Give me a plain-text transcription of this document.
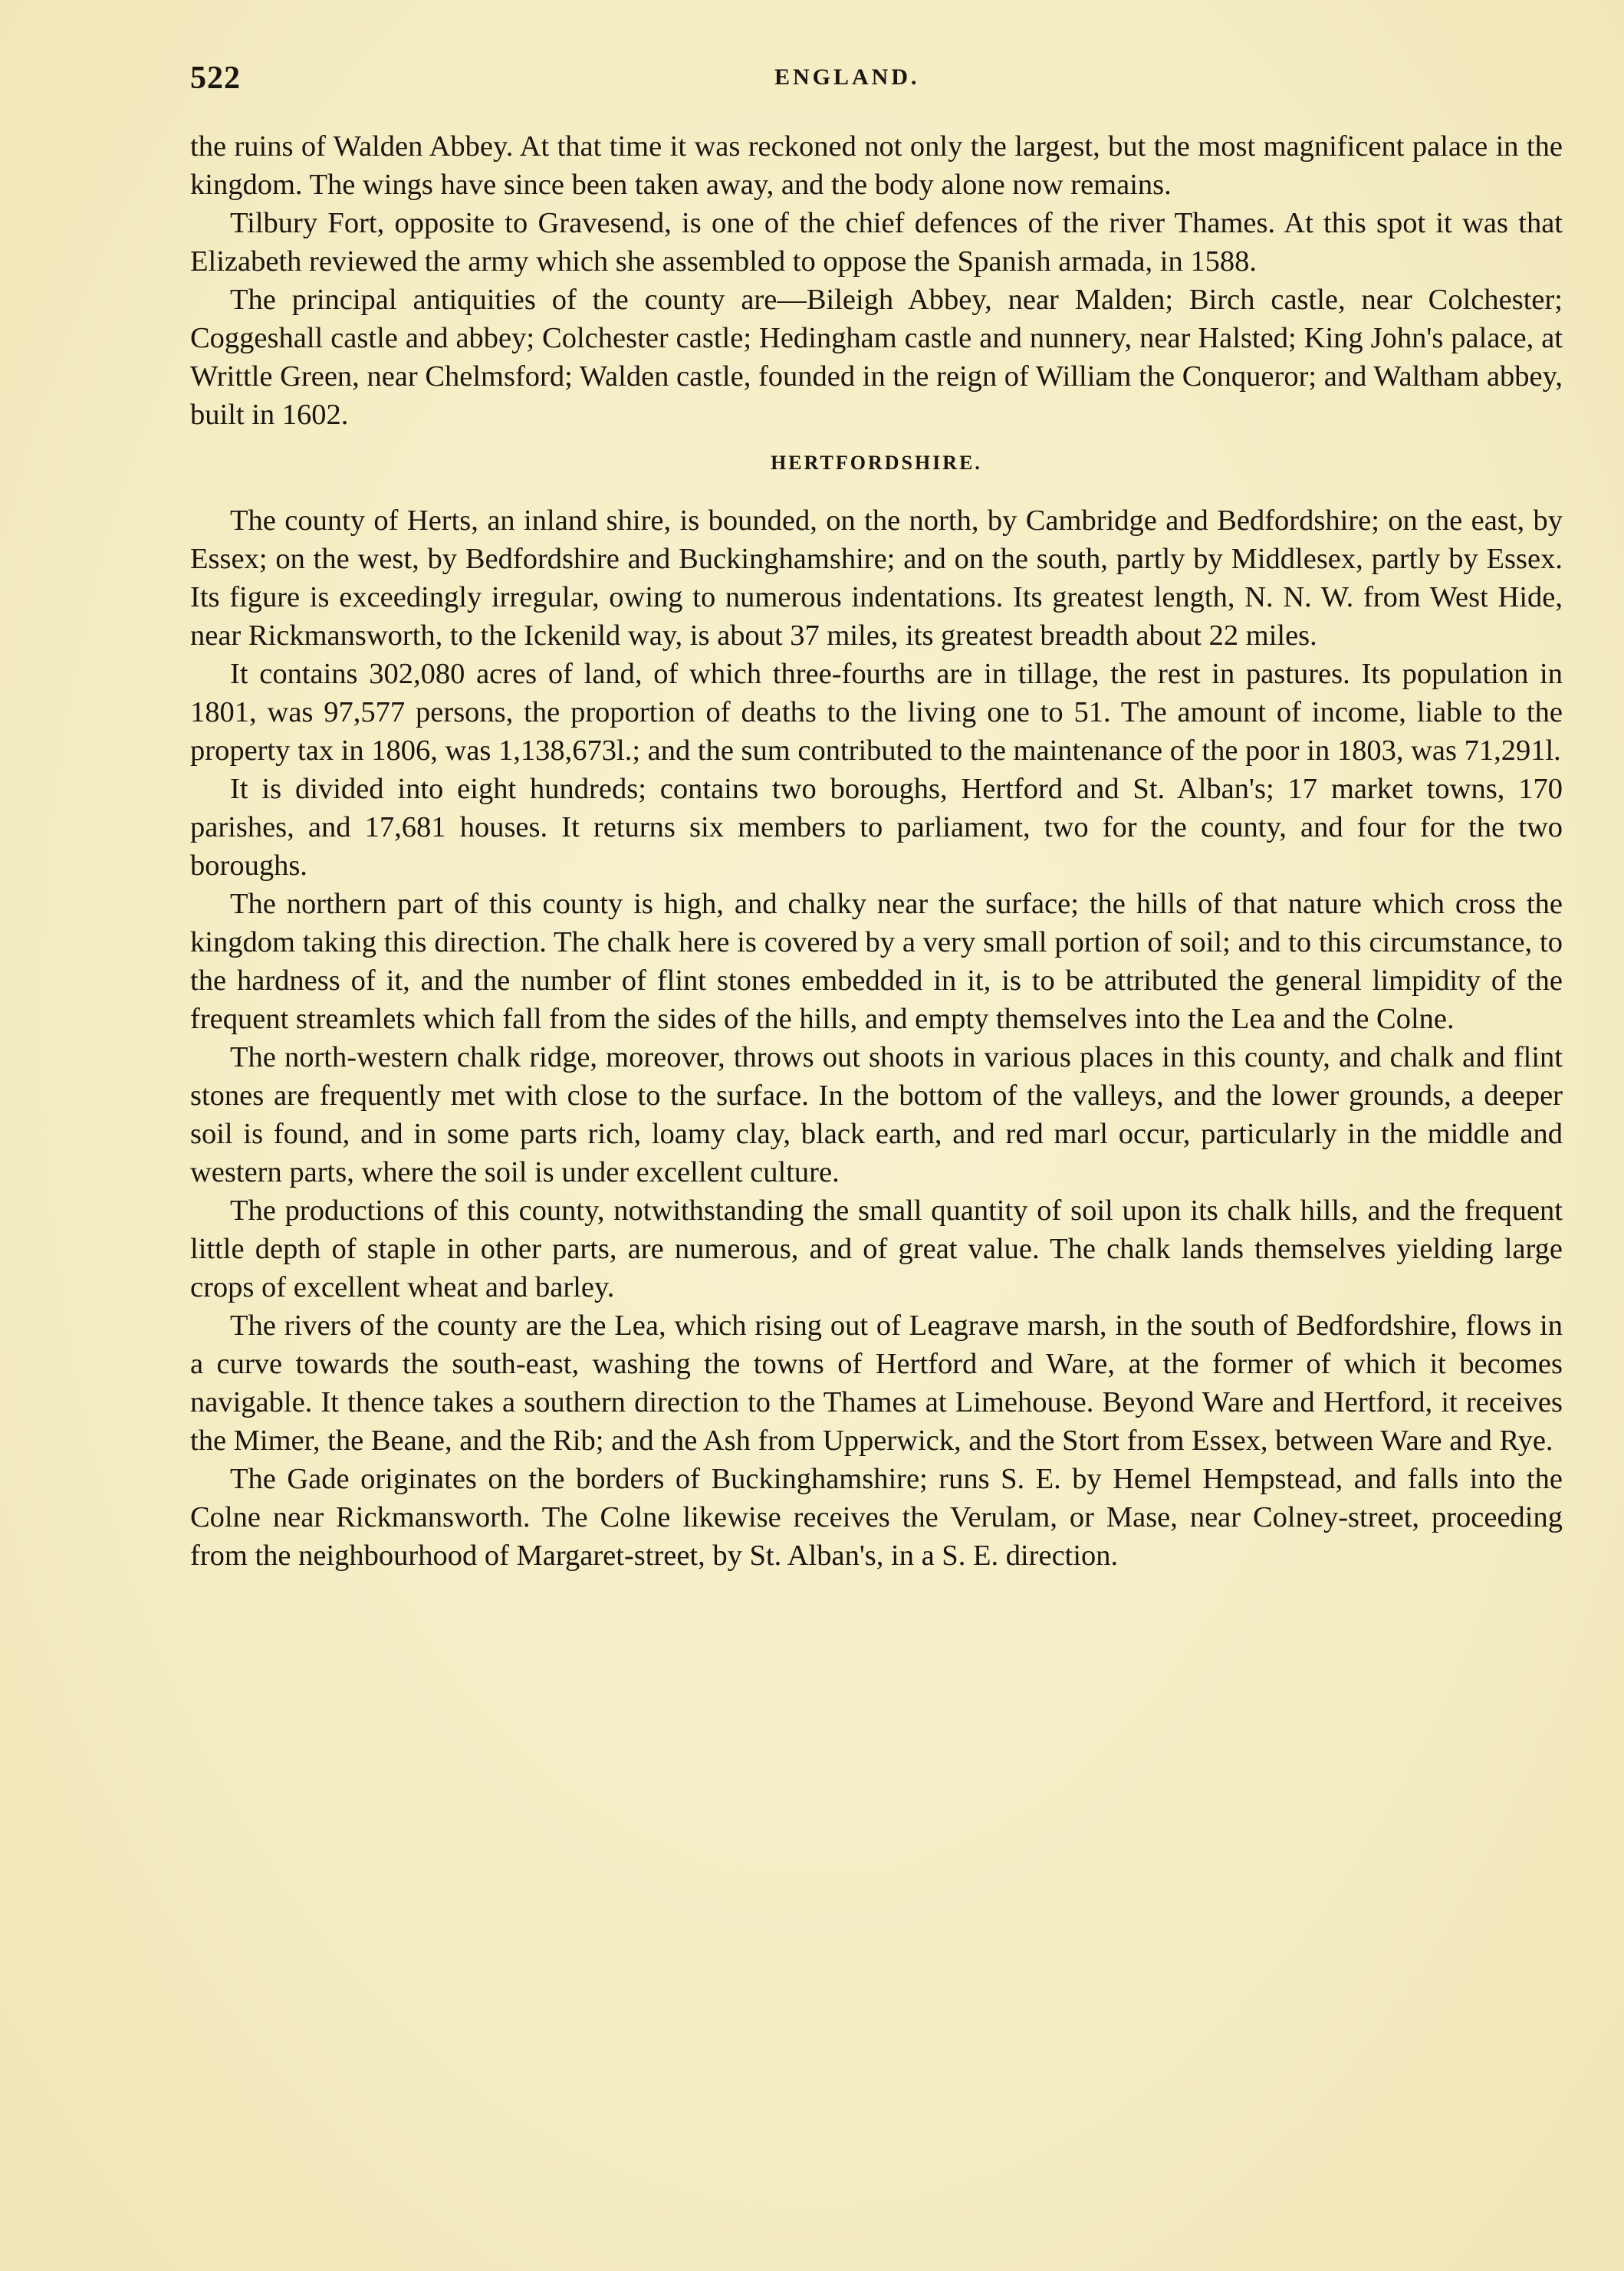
522	ENGLAND.

the ruins of Walden Abbey. At that time it was reckoned not only the largest, but the most magnificent palace in the kingdom. The wings have since been taken away, and the body alone now remains.

Tilbury Fort, opposite to Gravesend, is one of the chief defences of the river Thames. At this spot it was that Elizabeth reviewed the army which she assembled to oppose the Spanish armada, in 1588.

The principal antiquities of the county are—Bileigh Abbey, near Malden; Birch castle, near Colchester; Coggeshall castle and abbey; Colchester castle; Hedingham castle and nunnery, near Halsted; King John's palace, at Writtle Green, near Chelmsford; Walden castle, founded in the reign of William the Conqueror; and Waltham abbey, built in 1602.

HERTFORDSHIRE.

The county of Herts, an inland shire, is bounded, on the north, by Cambridge and Bedfordshire; on the east, by Essex; on the west, by Bedfordshire and Buckinghamshire; and on the south, partly by Middlesex, partly by Essex. Its figure is exceedingly irregular, owing to numerous indentations. Its greatest length, N. N. W. from West Hide, near Rickmansworth, to the Ickenild way, is about 37 miles, its greatest breadth about 22 miles.

It contains 302,080 acres of land, of which three-fourths are in tillage, the rest in pastures. Its population in 1801, was 97,577 persons, the proportion of deaths to the living one to 51. The amount of income, liable to the property tax in 1806, was 1,138,673l.; and the sum contributed to the maintenance of the poor in 1803, was 71,291l.

It is divided into eight hundreds; contains two boroughs, Hertford and St. Alban's; 17 market towns, 170 parishes, and 17,681 houses. It returns six members to parliament, two for the county, and four for the two boroughs.

The northern part of this county is high, and chalky near the surface; the hills of that nature which cross the kingdom taking this direction. The chalk here is covered by a very small portion of soil; and to this circumstance, to the hardness of it, and the number of flint stones embedded in it, is to be attributed the general limpidity of the frequent streamlets which fall from the sides of the hills, and empty themselves into the Lea and the Colne.

The north-western chalk ridge, moreover, throws out shoots in various places in this county, and chalk and flint stones are frequently met with close to the surface. In the bottom of the valleys, and the lower grounds, a deeper soil is found, and in some parts rich, loamy clay, black earth, and red marl occur, particularly in the middle and western parts, where the soil is under excellent culture.

The productions of this county, notwithstanding the small quantity of soil upon its chalk hills, and the frequent little depth of staple in other parts, are numerous, and of great value. The chalk lands themselves yielding large crops of excellent wheat and barley.

The rivers of the county are the Lea, which rising out of Leagrave marsh, in the south of Bedfordshire, flows in a curve towards the south-east, washing the towns of Hertford and Ware, at the former of which it becomes navigable. It thence takes a southern direction to the Thames at Limehouse. Beyond Ware and Hertford, it receives the Mimer, the Beane, and the Rib; and the Ash from Upperwick, and the Stort from Essex, between Ware and Rye.

The Gade originates on the borders of Buckinghamshire; runs S. E. by Hemel Hempstead, and falls into the Colne near Rickmansworth. The Colne likewise receives the Verulam, or Mase, near Colney-street, proceeding from the neighbourhood of Margaret-street, by St. Alban's, in a S. E. direction.
